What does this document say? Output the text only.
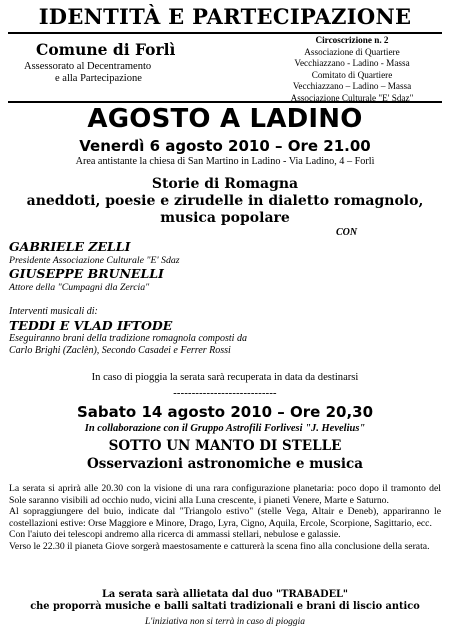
IDENTITÀ E PARTECIPAZIONE
Comune di Forlì
Assessorato al Decentramento
e alla Partecipazione
Circoscrizione n. 2
Associazione di Quartiere
Vecchiazzano - Ladino - Massa
Comitato di Quartiere
Vecchiazzano – Ladino – Massa
Associazione Culturale "E' Sdaz"
AGOSTO A LADINO
Venerdì 6 agosto 2010 – Ore 21.00
Area antistante la chiesa di San Martino in Ladino - Via Ladino, 4 – Forlì
Storie di Romagna
aneddoti, poesie e zirudelle in dialetto romagnolo,
musica popolare
CON
GABRIELE ZELLI
Presidente Associazione Culturale "E' Sdaz
GIUSEPPE BRUNELLI
Attore della "Cumpagni dla Zercia"
Interventi musicali di:
TEDDI E VLAD IFTODE
Eseguiranno brani della tradizione romagnola composti da
Carlo Brighi (Zaclèn), Secondo Casadei e Ferrer Rossi
In caso di pioggia la serata sarà recuperata in data da destinarsi
----------------------------
Sabato 14 agosto 2010 – Ore 20,30
In collaborazione con il Gruppo Astrofili Forlivesi "J. Hevelius"
SOTTO UN MANTO DI STELLE
Osservazioni astronomiche e musica

La serata si aprirà alle 20.30 con la visione di una rara configurazione planetaria: poco dopo il tramonto del Sole saranno visibili ad occhio nudo, vicini alla Luna crescente, i pianeti Venere, Marte e Saturno.

Al sopraggiungere del buio, indicate dal "Triangolo estivo" (stelle Vega, Altair e Deneb), appariranno le costellazioni estive: Orse Maggiore e Minore, Drago, Lyra, Cigno, Aquila, Ercole, Scorpione, Sagittario, ecc.

Con l'aiuto dei telescopi andremo alla ricerca di ammassi stellari, nebulose e galassie.

Verso le 22.30 il pianeta Giove sorgerà maestosamente e catturerà la scena fino alla conclusione della serata.

La serata sarà allietata dal duo "TRABADEL"
che proporrà musiche e balli saltati tradizionali e brani di liscio antico
L'iniziativa non si terrà in caso di pioggia
